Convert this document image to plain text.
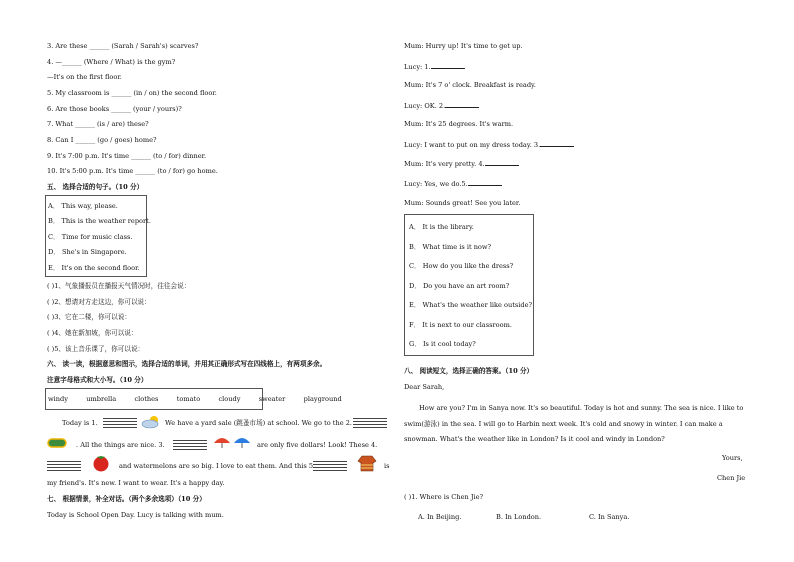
3. Are these ______ (Sarah / Sarah's) scarves?
4. —______ (Where / What) is the gym?
—It's on the first floor.
5. My classroom is ______ (in / on) the second floor.
6. Are those books ______ (your / yours)?
7. What ______ (is / are) these?
8. Can I ______ (go / goes) home?
9. It's 7:00 p.m. It's time ______ (to / for) dinner.
10. It's 5:00 p.m. It's time ______ (to / for) go home.
五、 选择合适的句子。（10 分）
A． This way, please.
B． This is the weather report.
C． Time for music class.
D． She's in Singapore.
E． It's on the second floor.
( )1、气象播报员在播报天气情况时，往往会说：
( )2、想请对方走这边，你可以说：
( )3、它在二楼，你可以说：
( )4、她在新加坡，你可以说：
( )5、该上音乐课了，你可以说：
六、 读一读，根据意思和图示，选择合适的单词，并用其正确形式写在四线格上，有两项多余。
注意字母格式和大小写。（10 分）
windy	umbrella	clothes	tomato	cloudy	sweater	playground
Today is 1.	We have a yard sale (跳蚤市场) at school. We go to the 2.
. All the things are nice. 3.	are only five dollars! Look! These 4.
and watermelons are so big. I love to eat them. And this 5.	is
my friend's. It's new. I want to wear. It's a happy day.
七、 根据情景，补全对话。（两个多余选项）（10 分）
Today is School Open Day. Lucy is talking with mum.
Mum: Hurry up! It's time to get up.
Lucy: 1.
Mum: It's 7 o' clock. Breakfast is ready.
Lucy: OK. 2.
Mum: It's 25 degrees. It's warm.
Lucy: I want to put on my dress today. 3.
Mum: It's very pretty. 4.
Lucy: Yes, we do.5.
Mum: Sounds great! See you later.
A． It is the library.
B． What time is it now?
C． How do you like the dress?
D． Do you have an art room?
E． What's the weather like outside?
F． It is next to our classroom.
G． Is it cool today?
八、 阅读短文，选择正确的答案。（10 分）
Dear Sarah,
How are you? I'm in Sanya now. It's so beautiful. Today is hot and sunny. The sea is nice. I like to
swim(游泳) in the sea. I will go to Harbin next week. It's cold and snowy in winter. I can make a
snowman. What's the weather like in London? Is it cool and windy in London?
Yours,
Chen Jie
( )1. Where is Chen Jie?
A. In Beijing.	B. In London.	C. In Sanya.
